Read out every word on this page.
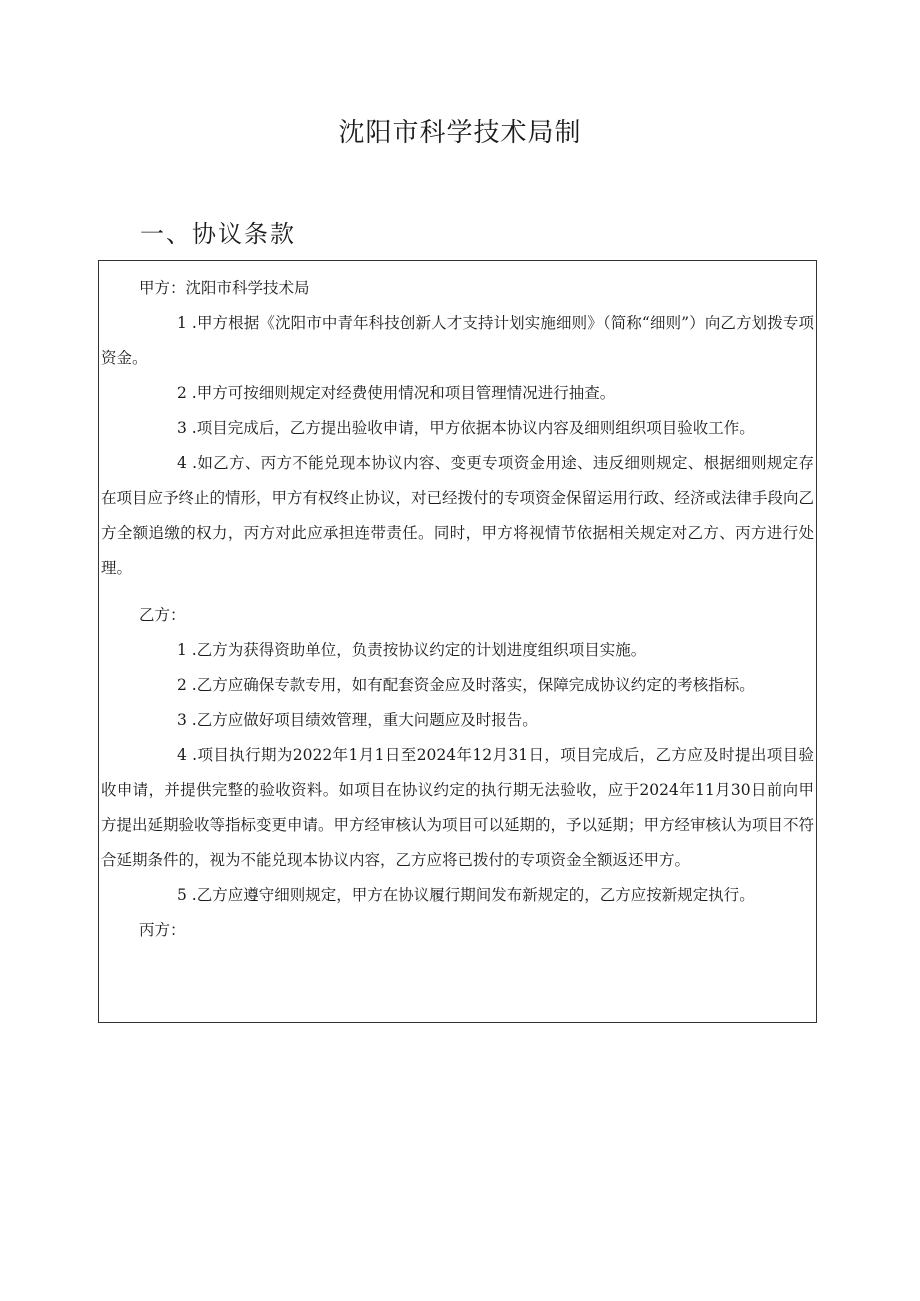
沈阳市科学技术局制
一、协议条款

甲方：沈阳市科学技术局

1 .甲方根据《沈阳市中青年科技创新人才支持计划实施细则》（简称“细则”）向乙方划拨专项资金。

2 .甲方可按细则规定对经费使用情况和项目管理情况进行抽查。

3 .项目完成后，乙方提出验收申请，甲方依据本协议内容及细则组织项目验收工作。

4 .如乙方、丙方不能兑现本协议内容、变更专项资金用途、违反细则规定、根据细则规定存在项目应予终止的情形，甲方有权终止协议，对已经拨付的专项资金保留运用行政、经济或法律手段向乙方全额追缴的权力，丙方对此应承担连带责任。同时，甲方将视情节依据相关规定对乙方、丙方进行处理。

乙方：

1 .乙方为获得资助单位，负责按协议约定的计划进度组织项目实施。

2 .乙方应确保专款专用，如有配套资金应及时落实，保障完成协议约定的考核指标。

3 .乙方应做好项目绩效管理，重大问题应及时报告。

4 .项目执行期为2022年1月1日至2024年12月31日，项目完成后，乙方应及时提出项目验收申请，并提供完整的验收资料。如项目在协议约定的执行期无法验收，应于2024年11月30日前向甲方提出延期验收等指标变更申请。甲方经审核认为项目可以延期的，予以延期；甲方经审核认为项目不符合延期条件的，视为不能兑现本协议内容，乙方应将已拨付的专项资金全额返还甲方。

5 .乙方应遵守细则规定，甲方在协议履行期间发布新规定的，乙方应按新规定执行。

丙方：
